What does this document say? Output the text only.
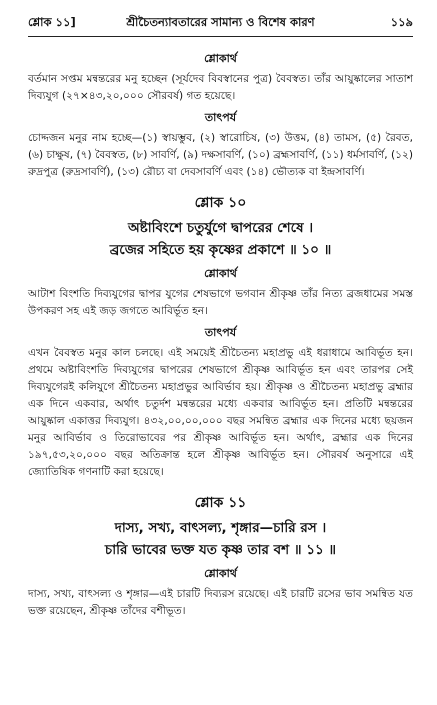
শ্লোক ১১]	শ্রীচৈতন্যাবতারের সামান্য ও বিশেষ কারণ	১১৯
শ্লোকার্থ

বর্তমান সপ্তম মন্বন্তরের মনু হচ্ছেন (সূর্যদেব বিবস্বানের পুত্র) বৈবস্বত। তাঁর আয়ুষ্কালের সাতাশ দিব্যযুগ (২৭×৪৩,২০,০০০ সৌরবর্ষ) গত হয়েছে।

তাৎপর্য

চোদ্দজন মনুর নাম হচ্ছে—(১) স্বায়ম্ভুব, (২) স্বারোচিষ, (৩) উত্তম, (৪) তামস, (৫) রৈবত, (৬) চাক্ষুষ, (৭) বৈবস্বত, (৮) সাবর্ণি, (৯) দক্ষসাবর্ণি, (১০) ব্রহ্মসাবর্ণি, (১১) ধর্মসাবর্ণি, (১২) রুদ্রপুত্র (রুদ্রসাবর্ণি), (১৩) রৌচ্য বা দেবসাবর্ণি এবং (১৪) ভৌত্যক বা ইন্দ্রসাবর্ণি।

শ্লোক ১০

অষ্টাবিংশে চতুর্যুগে দ্বাপরের শেষে ।

ব্রজের সহিতে হয় কৃষ্ণের প্রকাশে ॥ ১০ ॥

শ্লোকার্থ

আটাশ বিংশতি দিব্যযুগের দ্বাপর যুগের শেষভাগে ভগবান শ্রীকৃষ্ণ তাঁর নিত্য ব্রজধামের সমস্ত উপকরণ সহ এই জড় জগতে আবির্ভূত হন।

তাৎপর্য

এখন বৈবস্বত মনুর কাল চলছে। এই সময়েই শ্রীচৈতন্য মহাপ্রভু এই ধরাধামে আবির্ভূত হন। প্রথমে অষ্টাবিংশতি দিব্যযুগের দ্বাপরের শেষভাগে শ্রীকৃষ্ণ আবির্ভূত হন এবং তারপর সেই দিব্যযুগেরই কলিযুগে শ্রীচৈতন্য মহাপ্রভুর আবির্ভাব হয়। শ্রীকৃষ্ণ ও শ্রীচৈতন্য মহাপ্রভু ব্রহ্মার এক দিনে একবার, অর্থাৎ চতুর্দশ মন্বন্তরের মধ্যে একবার আবির্ভূত হন। প্রতিটি মন্বন্তরের আয়ুষ্কাল একাত্তর দিব্যযুগ। ৪৩২,০০,০০,০০০ বছর সমন্বিত ব্রহ্মার এক দিনের মধ্যে ছয়জন মনুর আবির্ভাব ও তিরোভাবের পর শ্রীকৃষ্ণ আবির্ভূত হন। অর্থাৎ, ব্রহ্মার এক দিনের ১৯৭,৫৩,২০,০০০ বছর অতিক্রান্ত হলে শ্রীকৃষ্ণ আবির্ভূত হন। সৌরবর্ষ অনুসারে এই জ্যোতিষিক গণনাটি করা হয়েছে।

শ্লোক ১১

দাস্য, সখ্য, বাৎসল্য, শৃঙ্গার—চারি রস ।

চারি ভাবের ভক্ত যত কৃষ্ণ তার বশ ॥ ১১ ॥

শ্লোকার্থ

দাস্য, সখ্য, বাৎসল্য ও শৃঙ্গার—এই চারটি দিব্যরস রয়েছে। এই চারটি রসের ভাব সমন্বিত যত ভক্ত রয়েছেন, শ্রীকৃষ্ণ তাঁদের বশীভূত।
